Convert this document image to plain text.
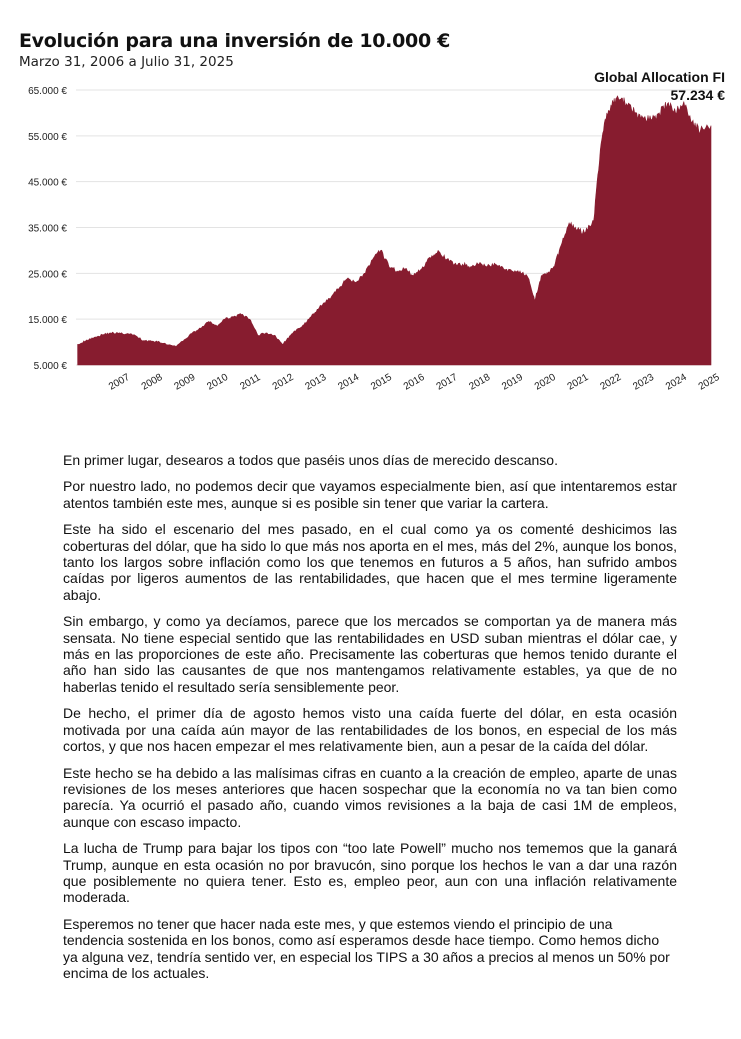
Evolución para una inversión de 10.000 €
Marzo 31, 2006 a Julio 31, 2025
Global Allocation FI
57.234 €
5.000 €
15.000 €
25.000 €
35.000 €
45.000 €
55.000 €
65.000 €
2007 2008 2009 2010 2011 2012 2013 2014 2015 2016 2017 2018 2019 2020 2021 2022 2023 2024 2025

En primer lugar, desearos a todos que paséis unos días de merecido descanso.

Por nuestro lado, no podemos decir que vayamos especialmente bien, así que intentaremos estar atentos también este mes, aunque si es posible sin tener que variar la cartera.

Este ha sido el escenario del mes pasado, en el cual como ya os comenté deshicimos las coberturas del dólar, que ha sido lo que más nos aporta en el mes, más del 2%, aunque los bonos, tanto los largos sobre inflación como los que tenemos en futuros a 5 años, han sufrido ambos caídas por ligeros aumentos de las rentabilidades, que hacen que el mes termine ligeramente abajo.

Sin embargo, y como ya decíamos, parece que los mercados se comportan ya de manera más sensata. No tiene especial sentido que las rentabilidades en USD suban mientras el dólar cae, y más en las proporciones de este año. Precisamente las coberturas que hemos tenido durante el año han sido las causantes de que nos mantengamos relativamente estables, ya que de no haberlas tenido el resultado sería sensiblemente peor.

De hecho, el primer día de agosto hemos visto una caída fuerte del dólar, en esta ocasión motivada por una caída aún mayor de las rentabilidades de los bonos, en especial de los más cortos, y que nos hacen empezar el mes relativamente bien, aun a pesar de la caída del dólar.

Este hecho se ha debido a las malísimas cifras en cuanto a la creación de empleo, aparte de unas revisiones de los meses anteriores que hacen sospechar que la economía no va tan bien como parecía. Ya ocurrió el pasado año, cuando vimos revisiones a la baja de casi 1M de empleos, aunque con escaso impacto.

La lucha de Trump para bajar los tipos con “too late Powell” mucho nos tememos que la ganará Trump, aunque en esta ocasión no por bravucón, sino porque los hechos le van a dar una razón que posiblemente no quiera tener. Esto es, empleo peor, aun con una inflación relativamente moderada.

Esperemos no tener que hacer nada este mes, y que estemos viendo el principio de una tendencia sostenida en los bonos, como así esperamos desde hace tiempo. Como hemos dicho ya alguna vez, tendría sentido ver, en especial los TIPS a 30 años a precios al menos un 50% por encima de los actuales.
